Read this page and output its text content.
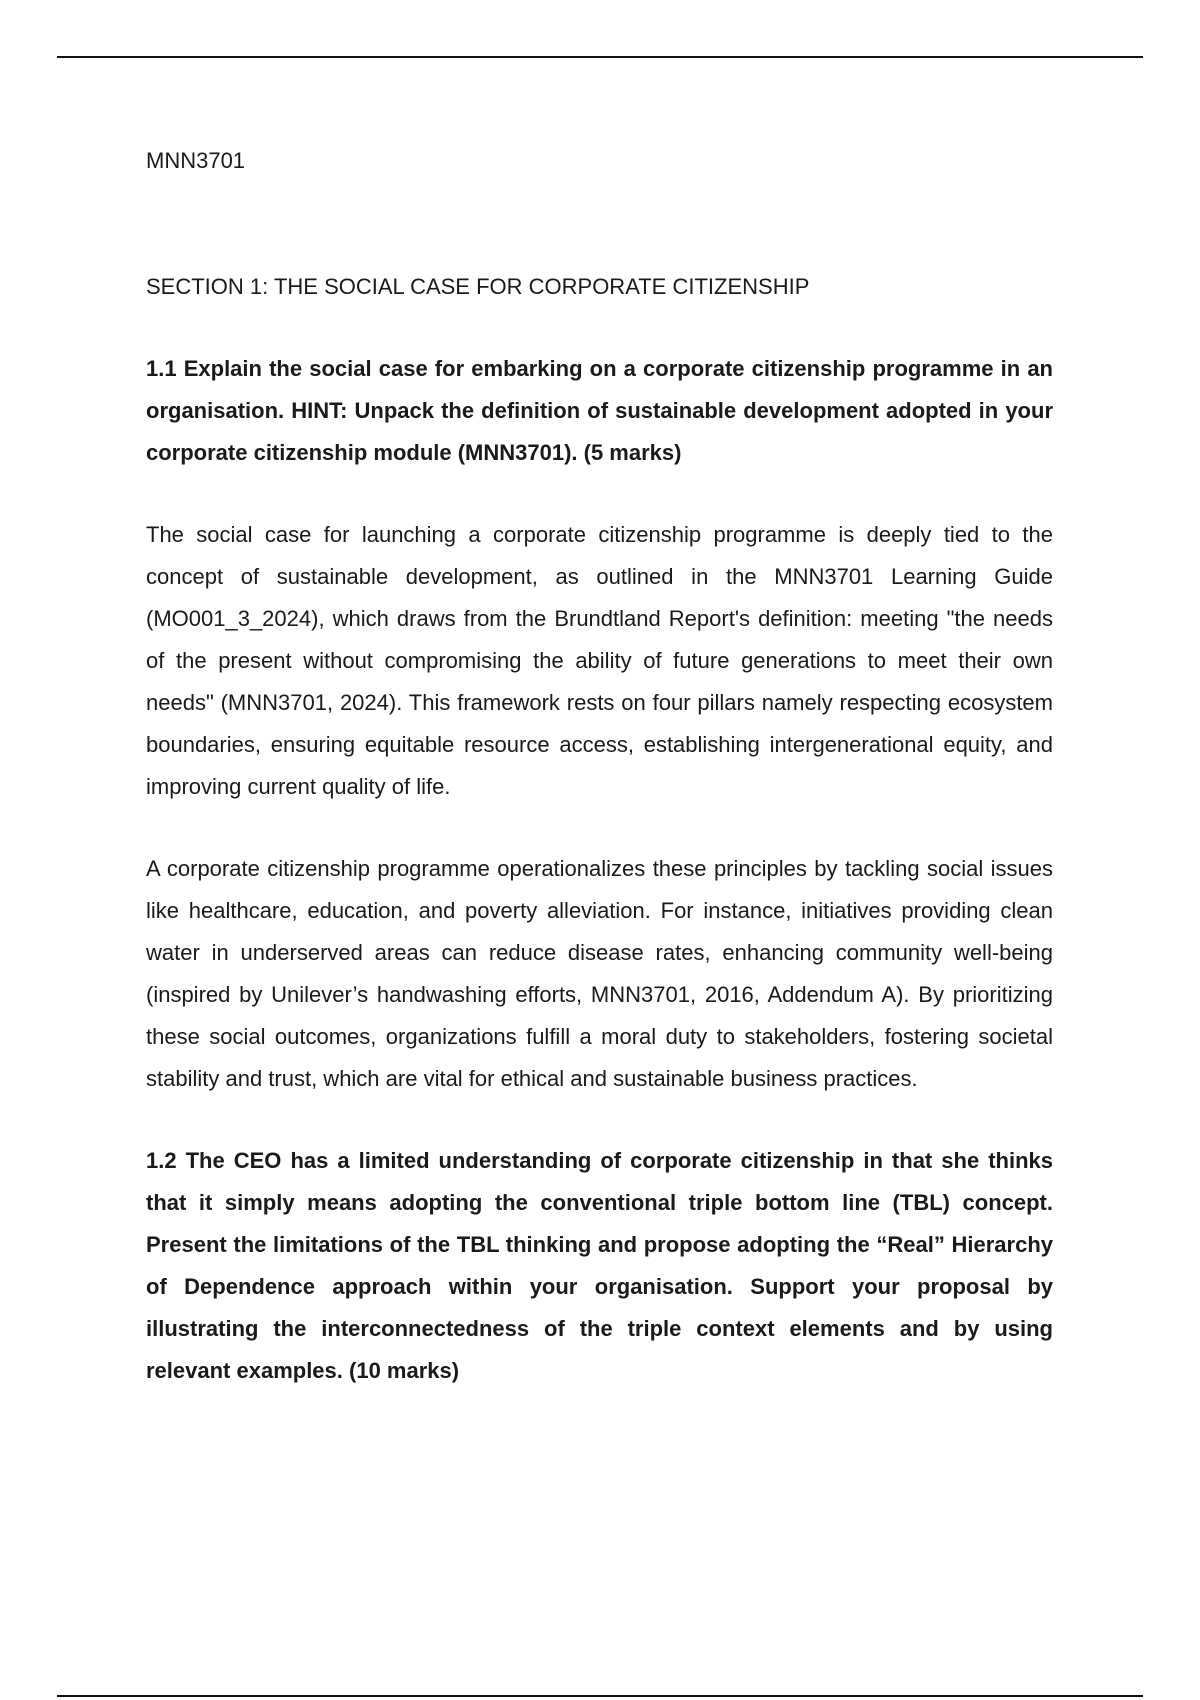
MNN3701

SECTION 1: THE SOCIAL CASE FOR CORPORATE CITIZENSHIP

1.1 Explain the social case for embarking on a corporate citizenship programme in an organisation. HINT: Unpack the definition of sustainable development adopted in your corporate citizenship module (MNN3701). (5 marks)

The social case for launching a corporate citizenship programme is deeply tied to the concept of sustainable development, as outlined in the MNN3701 Learning Guide (MO001_3_2024), which draws from the Brundtland Report's definition: meeting "the needs of the present without compromising the ability of future generations to meet their own needs" (MNN3701, 2024). This framework rests on four pillars namely respecting ecosystem boundaries, ensuring equitable resource access, establishing intergenerational equity, and improving current quality of life.

A corporate citizenship programme operationalizes these principles by tackling social issues like healthcare, education, and poverty alleviation. For instance, initiatives providing clean water in underserved areas can reduce disease rates, enhancing community well-being (inspired by Unilever’s handwashing efforts, MNN3701, 2016, Addendum A). By prioritizing these social outcomes, organizations fulfill a moral duty to stakeholders, fostering societal stability and trust, which are vital for ethical and sustainable business practices.

1.2 The CEO has a limited understanding of corporate citizenship in that she thinks that it simply means adopting the conventional triple bottom line (TBL) concept. Present the limitations of the TBL thinking and propose adopting the “Real” Hierarchy of Dependence approach within your organisation. Support your proposal by illustrating the interconnectedness of the triple context elements and by using relevant examples. (10 marks)
